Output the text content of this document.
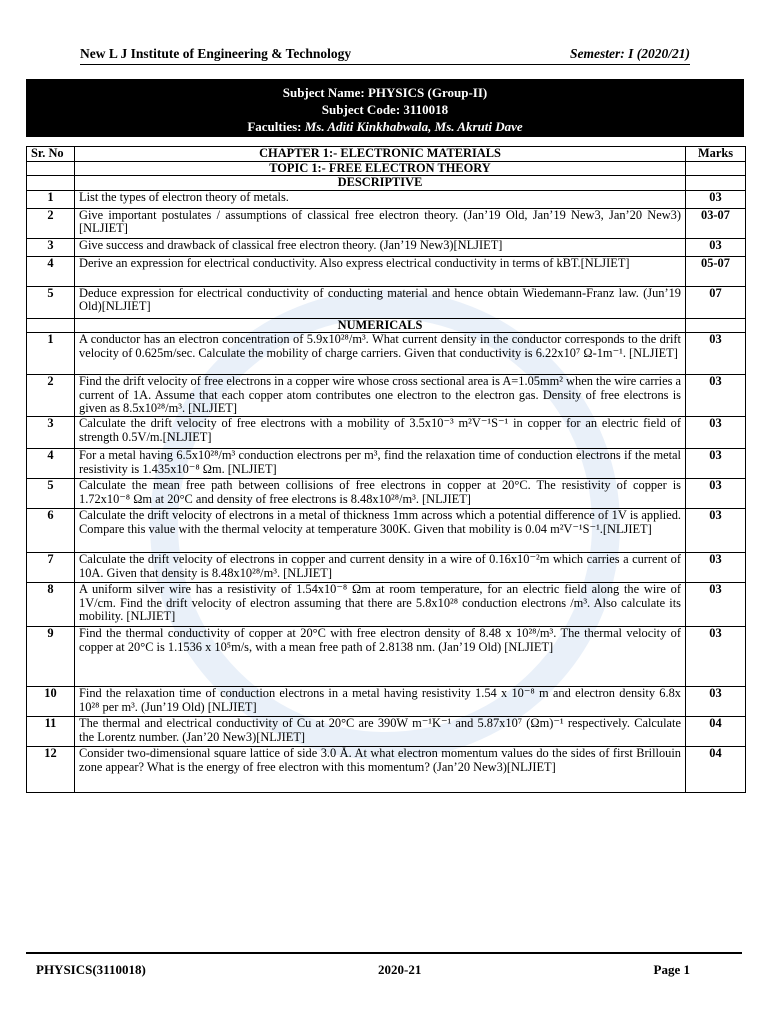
New L J Institute of Engineering & Technology	Semester: I (2020/21)
Subject Name: PHYSICS (Group-II)
Subject Code: 3110018
Faculties: Ms. Aditi Kinkhabwala, Ms. Akruti Dave
Sr. No	CHAPTER 1:- ELECTRONIC MATERIALS	Marks
	TOPIC 1:- FREE ELECTRON THEORY	
	DESCRIPTIVE	
1	List the types of electron theory of metals.	03
2	Give important postulates / assumptions of classical free electron theory. (Jan’19 Old, Jan’19 New3, Jan’20 New3)[NLJIET]	03-07
3	Give success and drawback of classical free electron theory. (Jan’19 New3)[NLJIET]	03
4	Derive an expression for electrical conductivity. Also express electrical conductivity in terms of kBT.[NLJIET]	05-07
5	Deduce expression for electrical conductivity of conducting material and hence obtain Wiedemann-Franz law. (Jun’19 Old)[NLJIET]	07
	NUMERICALS	
1	A conductor has an electron concentration of 5.9x10²⁸/m³. What current density in the conductor corresponds to the drift velocity of 0.625m/sec. Calculate the mobility of charge carriers. Given that conductivity is 6.22x10⁷ Ω-1m⁻¹. [NLJIET]	03
2	Find the drift velocity of free electrons in a copper wire whose cross sectional area is A=1.05mm² when the wire carries a current of 1A. Assume that each copper atom contributes one electron to the electron gas. Density of free electrons is given as 8.5x10²⁸/m³. [NLJIET]	03
3	Calculate the drift velocity of free electrons with a mobility of 3.5x10⁻³ m²V⁻¹S⁻¹ in copper for an electric field of strength 0.5V/m.[NLJIET]	03
4	For a metal having 6.5x10²⁸/m³ conduction electrons per m³, find the relaxation time of conduction electrons if the metal resistivity is 1.435x10⁻⁸ Ωm. [NLJIET]	03
5	Calculate the mean free path between collisions of free electrons in copper at 20°C. The resistivity of copper is 1.72x10⁻⁸ Ωm at 20°C and density of free electrons is 8.48x10²⁸/m³. [NLJIET]	03
6	Calculate the drift velocity of electrons in a metal of thickness 1mm across which a potential difference of 1V is applied. Compare this value with the thermal velocity at temperature 300K. Given that mobility is 0.04 m²V⁻¹S⁻¹.[NLJIET]	03
7	Calculate the drift velocity of electrons in copper and current density in a wire of 0.16x10⁻²m which carries a current of 10A. Given that density is 8.48x10²⁸/m³. [NLJIET]	03
8	A uniform silver wire has a resistivity of 1.54x10⁻⁸ Ωm at room temperature, for an electric field along the wire of 1V/cm. Find the drift velocity of electron assuming that there are 5.8x10²⁸ conduction electrons /m³. Also calculate its mobility. [NLJIET]	03
9	Find the thermal conductivity of copper at 20°C with free electron density of 8.48 x 10²⁸/m³. The thermal velocity of copper at 20°C is 1.1536 x 10⁵m/s, with a mean free path of 2.8138 nm. (Jan’19 Old) [NLJIET]	03
10	Find the relaxation time of conduction electrons in a metal having resistivity 1.54 x 10⁻⁸ m and electron density 6.8x 10²⁸ per m³. (Jun’19 Old) [NLJIET]	03
11	The thermal and electrical conductivity of Cu at 20°C are 390W m⁻¹K⁻¹ and 5.87x10⁷ (Ωm)⁻¹ respectively. Calculate the Lorentz number. (Jan’20 New3)[NLJIET]	04
12	Consider two-dimensional square lattice of side 3.0 Å. At what electron momentum values do the sides of first Brillouin zone appear? What is the energy of free electron with this momentum? (Jan’20 New3)[NLJIET]	04
PHYSICS(3110018)	2020-21	Page 1
